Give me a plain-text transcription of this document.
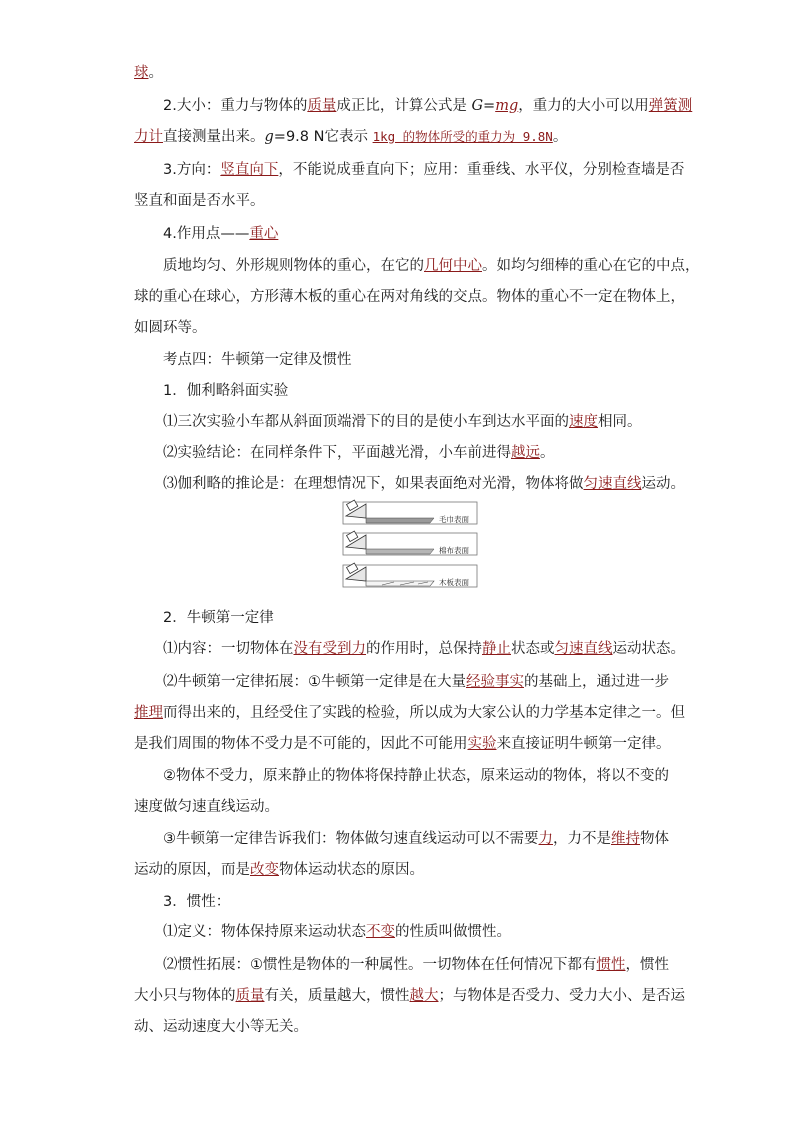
球。
2.大小：重力与物体的质量成正比，计算公式是 G=mg，重力的大小可以用弹簧测
力计直接测量出来。g=9.8 N它表示 1kg 的物体所受的重力为 9.8N。
3.方向：竖直向下，不能说成垂直向下；应用：重垂线、水平仪，分别检查墙是否
竖直和面是否水平。
4.作用点——重心
质地均匀、外形规则物体的重心，在它的几何中心。如均匀细棒的重心在它的中点，
球的重心在球心，方形薄木板的重心在两对角线的交点。物体的重心不一定在物体上，
如圆环等。
考点四：牛顿第一定律及惯性
1．伽利略斜面实验
⑴三次实验小车都从斜面顶端滑下的目的是使小车到达水平面的速度相同。
⑵实验结论：在同样条件下，平面越光滑，小车前进得越远。
⑶伽利略的推论是：在理想情况下，如果表面绝对光滑，物体将做匀速直线运动。
毛巾表面
棉布表面
木板表面
2．牛顿第一定律
⑴内容：一切物体在没有受到力的作用时，总保持静止状态或匀速直线运动状态。
⑵牛顿第一定律拓展：①牛顿第一定律是在大量经验事实的基础上，通过进一步
推理而得出来的，且经受住了实践的检验，所以成为大家公认的力学基本定律之一。但
是我们周围的物体不受力是不可能的，因此不可能用实验来直接证明牛顿第一定律。
②物体不受力，原来静止的物体将保持静止状态，原来运动的物体，将以不变的
速度做匀速直线运动。
③牛顿第一定律告诉我们：物体做匀速直线运动可以不需要力，力不是维持物体
运动的原因，而是改变物体运动状态的原因。
3．惯性：
⑴定义：物体保持原来运动状态不变的性质叫做惯性。
⑵惯性拓展：①惯性是物体的一种属性。一切物体在任何情况下都有惯性，惯性
大小只与物体的质量有关，质量越大，惯性越大；与物体是否受力、受力大小、是否运
动、运动速度大小等无关。
